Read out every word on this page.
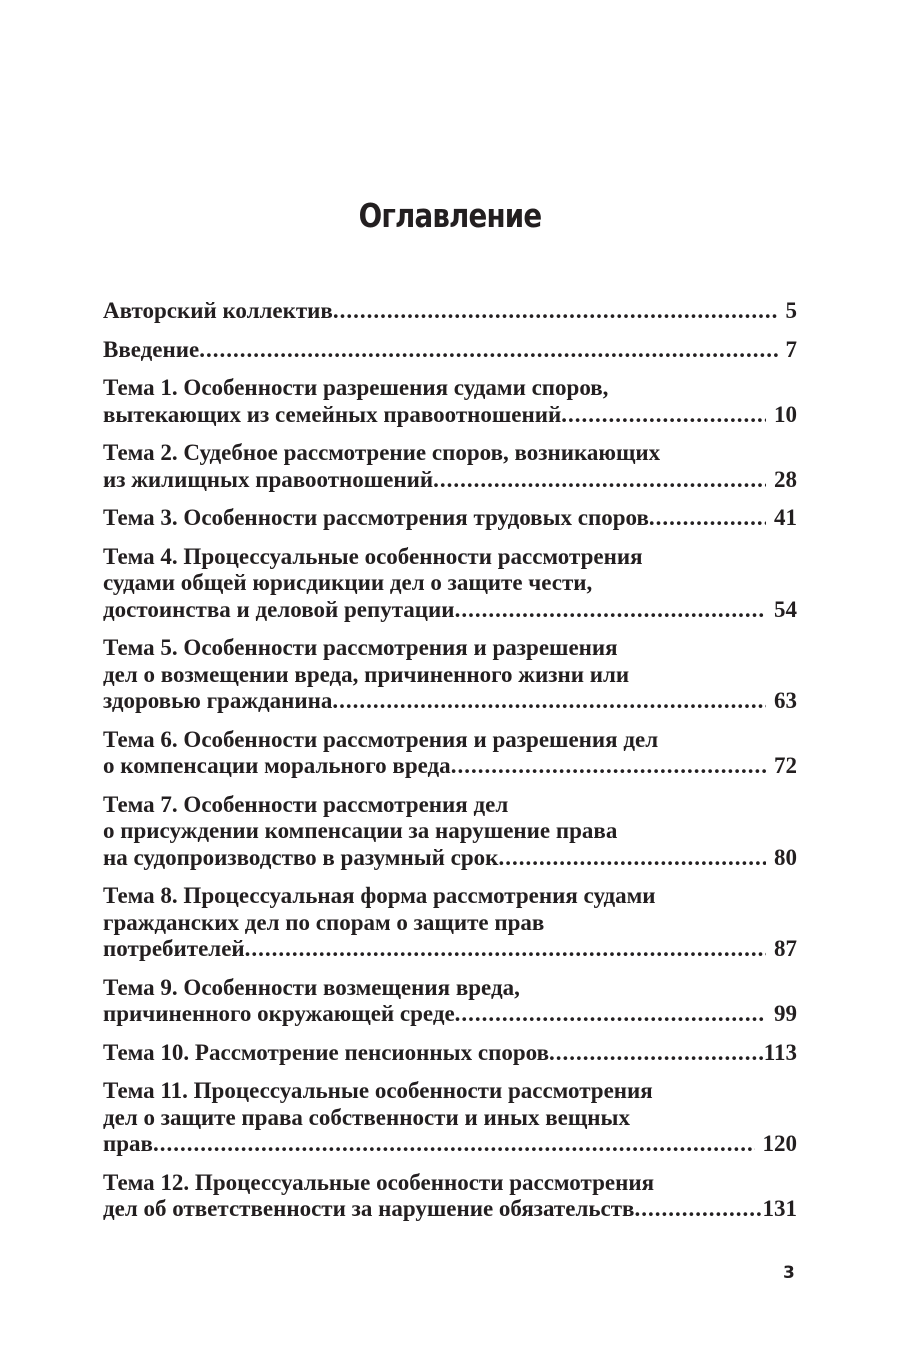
Оглавление
Авторский коллектив .....	5
Введение .....	7
Тема 1. Особенности разрешения судами споров,
вытекающих из семейных правоотношений .....	10
Тема 2. Судебное рассмотрение споров, возникающих
из жилищных правоотношений .....	28
Тема 3. Особенности рассмотрения трудовых споров .....	41
Тема 4. Процессуальные особенности рассмотрения
судами общей юрисдикции дел о защите чести,
достоинства и деловой репутации .....	54
Тема 5. Особенности рассмотрения и разрешения
дел о возмещении вреда, причиненного жизни или
здоровью гражданина .....	63
Тема 6. Особенности рассмотрения и разрешения дел
о компенсации морального вреда .....	72
Тема 7. Особенности рассмотрения дел
о присуждении компенсации за нарушение права
на судопроизводство в разумный срок .....	80
Тема 8. Процессуальная форма рассмотрения судами
гражданских дел по спорам о защите прав
потребителей .....	87
Тема 9. Особенности возмещения вреда,
причиненного окружающей среде .....	99
Тема 10. Рассмотрение пенсионных споров .....	113
Тема 11. Процессуальные особенности рассмотрения
дел о защите права собственности и иных вещных
прав .....	120
Тема 12. Процессуальные особенности рассмотрения
дел об ответственности за нарушение обязательств .....	131
3
